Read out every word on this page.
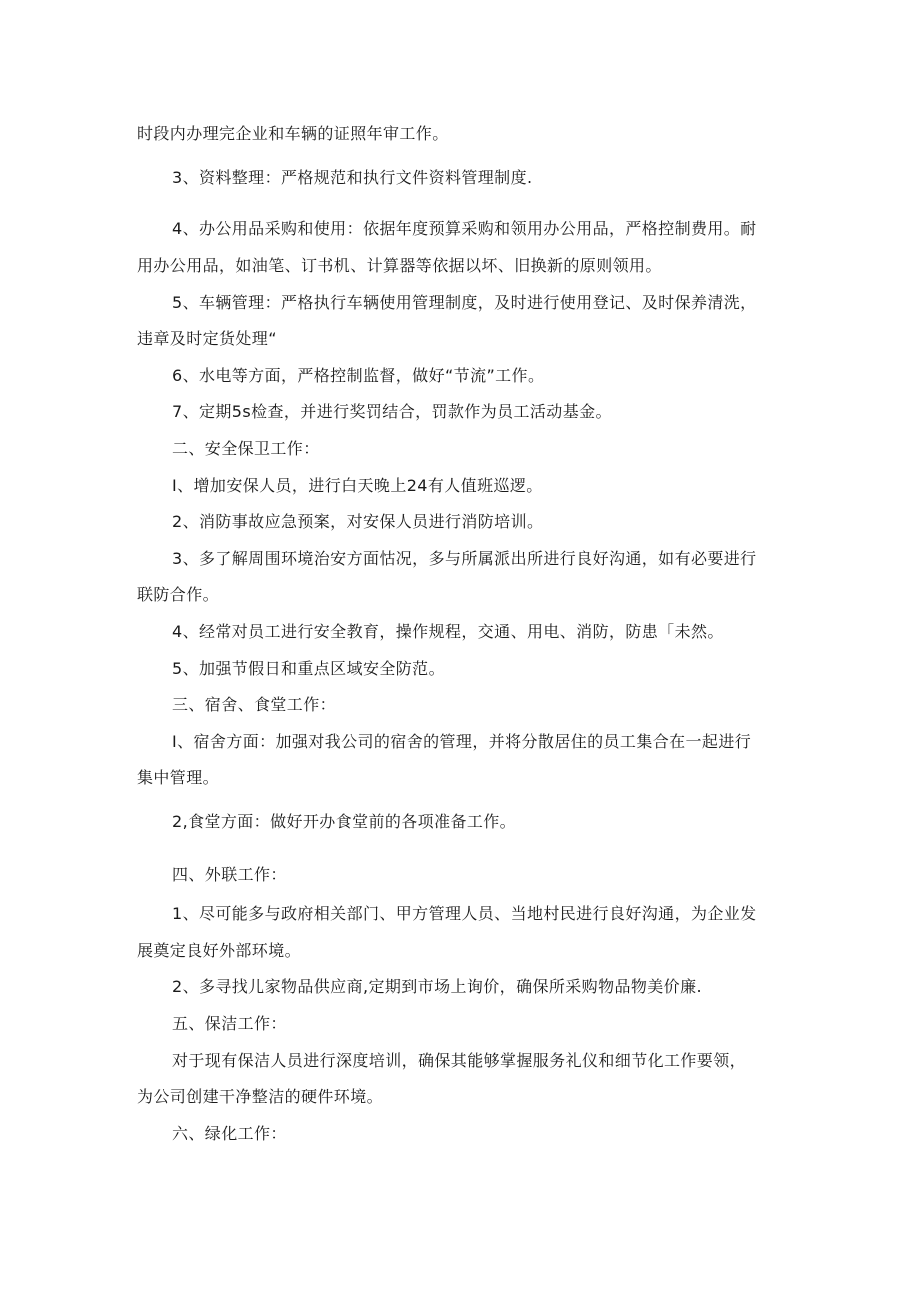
时段内办理完企业和车辆的证照年审工作。
3、资料整理：严格规范和执行文件资料管理制度.
4、办公用品采购和使用：依据年度预算采购和领用办公用品，严格控制费用。耐
用办公用品，如油笔、订书机、计算器等依据以坏、旧换新的原则领用。
5、车辆管理：严格执行车辆使用管理制度，及时进行使用登记、及时保养清洗，
违章及时定货处理“
6、水电等方面，严格控制监督，做好“节流”工作。
7、定期5s检查，并进行奖罚结合，罚款作为员工活动基金。
二、安全保卫工作：
I、增加安保人员，进行白天晚上24有人值班巡逻。
2、消防事故应急预案，对安保人员进行消防培训。
3、多了解周围环境治安方面怙况，多与所属派出所进行良好沟通，如有必要进行
联防合作。
4、经常对员工进行安全教育，操作规程，交通、用电、消防，防患「未然。
5、加强节假日和重点区域安全防范。
三、宿舍、食堂工作：
I、宿舍方面：加强对我公司的宿舍的管理，并将分散居住的员工集合在一起进行
集中管理。
2,食堂方面：做好开办食堂前的各项准备工作。
四、外联工作：
1、尽可能多与政府相关部门、甲方管理人员、当地村民进行良好沟通，为企业发
展奠定良好外部环境。
2、多寻找儿家物品供应商,定期到市场上询价，确保所采购物品物美价廉.
五、保洁工作：
对于现有保洁人员进行深度培训，确保其能够掌握服务礼仪和细节化工作要领，
为公司创建干净整洁的硬件环境。
六、绿化工作：
